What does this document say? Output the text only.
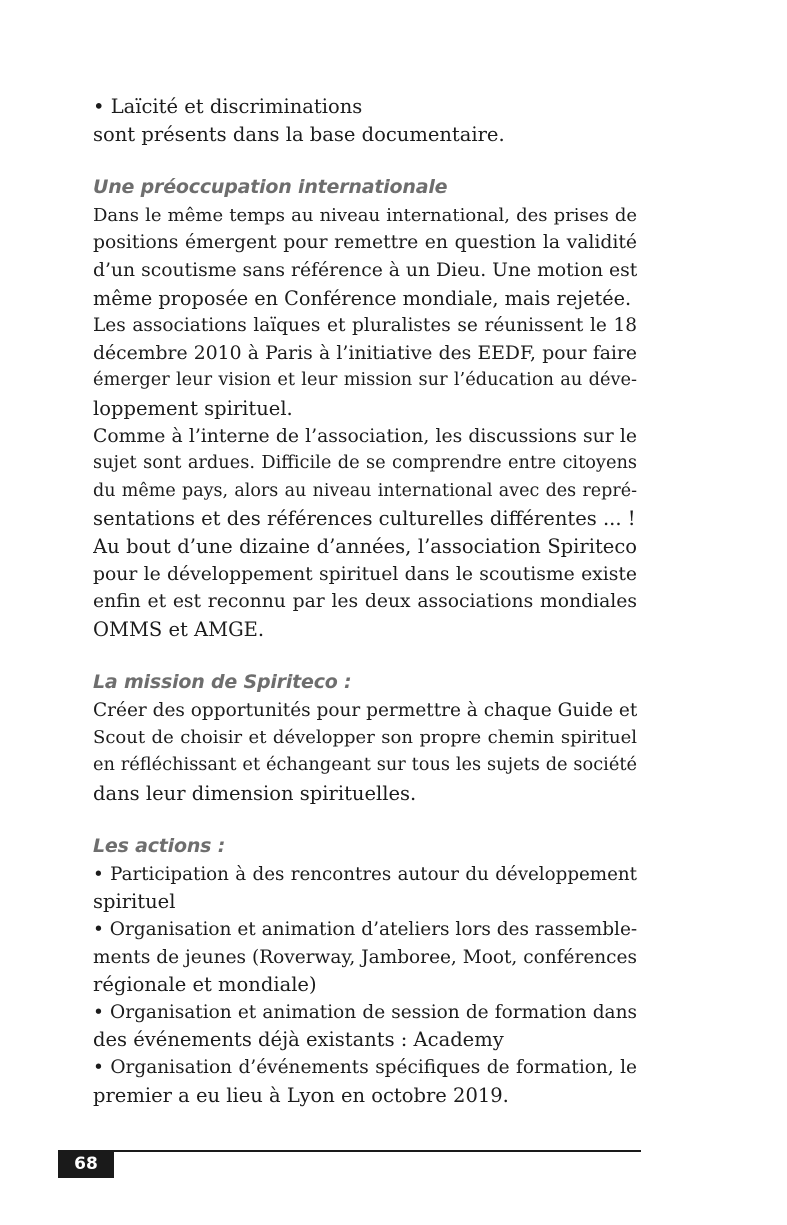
• Laïcité et discriminations
sont présents dans la base documentaire.
Une préoccupation internationale
Dans le même temps au niveau international, des prises de
positions émergent pour remettre en question la validité
d’un scoutisme sans référence à un Dieu. Une motion est
même proposée en Conférence mondiale, mais rejetée.
Les associations laïques et pluralistes se réunissent le 18
décembre 2010 à Paris à l’initiative des EEDF, pour faire
émerger leur vision et leur mission sur l’éducation au déve-
loppement spirituel.
Comme à l’interne de l’association, les discussions sur le
sujet sont ardues. Difficile de se comprendre entre citoyens
du même pays, alors au niveau international avec des repré-
sentations et des références culturelles différentes ... !
Au bout d’une dizaine d’années, l’association Spiriteco
pour le développement spirituel dans le scoutisme existe
enfin et est reconnu par les deux associations mondiales
OMMS et AMGE.
La mission de Spiriteco :
Créer des opportunités pour permettre à chaque Guide et
Scout de choisir et développer son propre chemin spirituel
en réfléchissant et échangeant sur tous les sujets de société
dans leur dimension spirituelles.
Les actions :
• Participation à des rencontres autour du développement
spirituel
• Organisation et animation d’ateliers lors des rassemble-
ments de jeunes (Roverway, Jamboree, Moot, conférences
régionale et mondiale)
• Organisation et animation de session de formation dans
des événements déjà existants : Academy
• Organisation d’événements spécifiques de formation, le
premier a eu lieu à Lyon en octobre 2019.
68
